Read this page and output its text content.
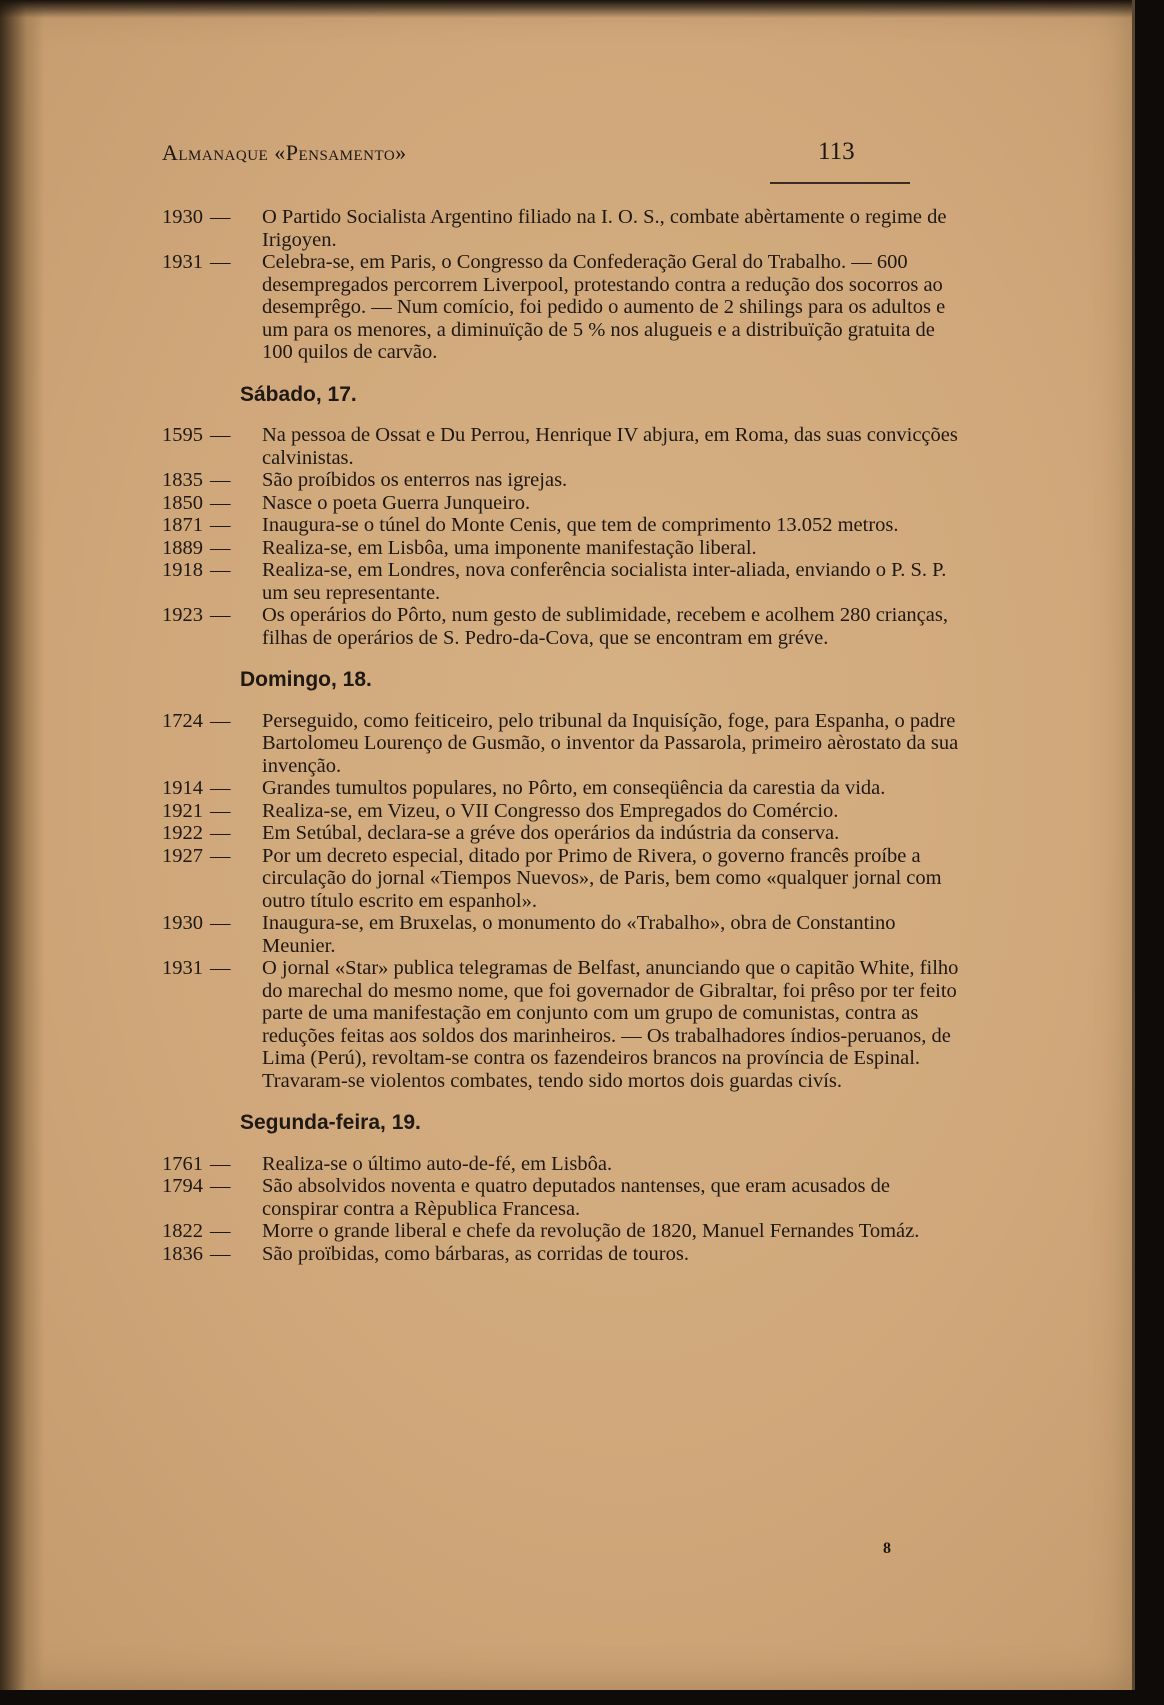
Almanaque «Pensamento»	113
1930 — O Partido Socialista Argentino filiado na I. O. S., combate abèrtamente o regime de Irigoyen.
1931 — Celebra-se, em Paris, o Congresso da Confederação Geral do Trabalho. — 600 desempregados percorrem Liverpool, protestando contra a redução dos socorros ao desemprêgo. — Num comício, foi pedido o aumento de 2 shilings para os adultos e um para os menores, a diminuïção de 5 % nos alugueis e a distribuïção gratuita de 100 quilos de carvão.
Sábado, 17.
1595 — Na pessoa de Ossat e Du Perrou, Henrique IV abjura, em Roma, das suas convicções calvinistas.
1835 — São proíbidos os enterros nas igrejas.
1850 — Nasce o poeta Guerra Junqueiro.
1871 — Inaugura-se o túnel do Monte Cenis, que tem de comprimento 13.052 metros.
1889 — Realiza-se, em Lisbôa, uma imponente manifestação liberal.
1918 — Realiza-se, em Londres, nova conferência socialista inter-aliada, enviando o P. S. P. um seu representante.
1923 — Os operários do Pôrto, num gesto de sublimidade, recebem e acolhem 280 crianças, filhas de operários de S. Pedro-da-Cova, que se encontram em gréve.
Domingo, 18.
1724 — Perseguido, como feiticeiro, pelo tribunal da Inquisíção, foge, para Espanha, o padre Bartolomeu Lourenço de Gusmão, o inventor da Passarola, primeiro aèrostato da sua invenção.
1914 — Grandes tumultos populares, no Pôrto, em conseqüência da carestia da vida.
1921 — Realiza-se, em Vizeu, o VII Congresso dos Empregados do Comércio.
1922 — Em Setúbal, declara-se a gréve dos operários da indústria da conserva.
1927 — Por um decreto especial, ditado por Primo de Rivera, o governo francês proíbe a circulação do jornal «Tiempos Nuevos», de Paris, bem como «qualquer jornal com outro título escrito em espanhol».
1930 — Inaugura-se, em Bruxelas, o monumento do «Trabalho», obra de Constantino Meunier.
1931 — O jornal «Star» publica telegramas de Belfast, anunciando que o capitão White, filho do marechal do mesmo nome, que foi governador de Gibraltar, foi prêso por ter feito parte de uma manifestação em conjunto com um grupo de comunistas, contra as reduções feitas aos soldos dos marinheiros. — Os trabalhadores índios-peruanos, de Lima (Perú), revoltam-se contra os fazendeiros brancos na província de Espinal. Travaram-se violentos combates, tendo sido mortos dois guardas civís.
Segunda-feira, 19.
1761 — Realiza-se o último auto-de-fé, em Lisbôa.
1794 — São absolvidos noventa e quatro deputados nantenses, que eram acusados de conspirar contra a Rèpublica Francesa.
1822 — Morre o grande liberal e chefe da revolução de 1820, Manuel Fernandes Tomáz.
1836 — São proïbidas, como bárbaras, as corridas de touros.
8
